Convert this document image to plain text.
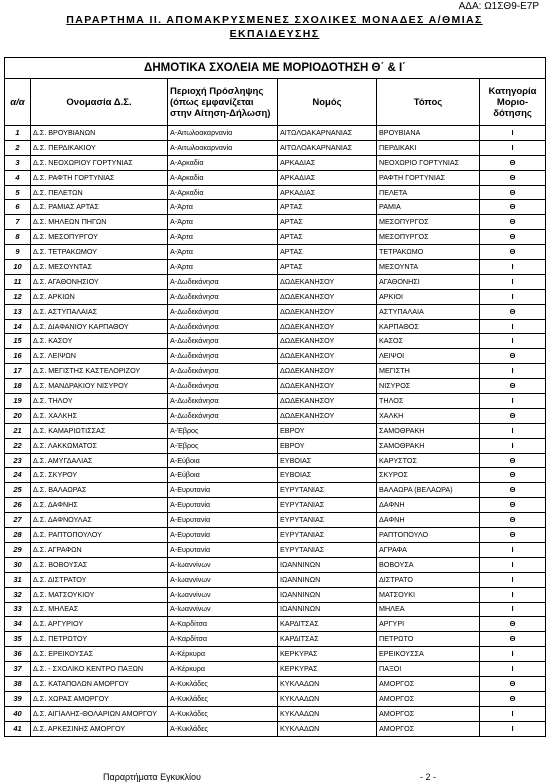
ΑΔΑ: Ω1ΣΘ9-Ε7Ρ
ΠΑΡΑΡΤΗΜΑ ΙΙ. ΑΠΟΜΑΚΡΥΣΜΕΝΕΣ ΣΧΟΛΙΚΕΣ ΜΟΝΑΔΕΣ Α/ΘΜΙΑΣ
ΕΚΠΑΙΔΕΥΣΗΣ
ΔΗΜΟΤΙΚΑ ΣΧΟΛΕΙΑ ΜΕ ΜΟΡΙΟΔΟΤΗΣΗ Θ΄ & Ι΄					
α/α	Ονομασία Δ.Σ.	Περιοχή Πρόσληψης (όπως εμφανίζεται στην Αίτηση-Δήλωση)	Νομός	Τόπος	Κατηγορία Μοριο-δότησης
1	Δ.Σ. ΒΡΟΥΒΙΑΝΩΝ	Α-Αιτωλοακαρνανία	ΑΙΤΩΛΟΑΚΑΡΝΑΝΙΑΣ	ΒΡΟΥΒΙΑΝΑ	Ι
2	Δ.Σ. ΠΕΡΔΙΚΑΚΙΟΥ	Α-Αιτωλοακαρνανία	ΑΙΤΩΛΟΑΚΑΡΝΑΝΙΑΣ	ΠΕΡΔΙΚΑΚΙ	Ι
3	Δ.Σ. ΝΕΟΧΩΡΙΟΥ ΓΟΡΤΥΝΙΑΣ	Α-Αρκαδία	ΑΡΚΑΔΙΑΣ	ΝΕΟΧΩΡΙΟ ΓΟΡΤΥΝΙΑΣ	Θ
4	Δ.Σ. ΡΑΦΤΗ ΓΟΡΤΥΝΙΑΣ	Α-Αρκαδία	ΑΡΚΑΔΙΑΣ	ΡΑΦΤΗ ΓΟΡΤΥΝΙΑΣ	Θ
5	Δ.Σ. ΠΕΛΕΤΩΝ	Α-Αρκαδία	ΑΡΚΑΔΙΑΣ	ΠΕΛΕΤΑ	Θ
6	Δ.Σ. ΡΑΜΙΑΣ ΑΡΤΑΣ	Α-Άρτα	ΑΡΤΑΣ	ΡΑΜΙΑ	Θ
7	Δ.Σ. ΜΗΛΕΩΝ ΠΗΓΩΝ	Α-Άρτα	ΑΡΤΑΣ	ΜΕΣΟΠΥΡΓΟΣ	Θ
8	Δ.Σ. ΜΕΣΟΠΥΡΓΟΥ	Α-Άρτα	ΑΡΤΑΣ	ΜΕΣΟΠΥΡΓΟΣ	Θ
9	Δ.Σ. ΤΕΤΡΑΚΩΜΟΥ	Α-Άρτα	ΑΡΤΑΣ	ΤΕΤΡΑΚΩΜΟ	Θ
10	Δ.Σ. ΜΕΣΟΥΝΤΑΣ	Α-Άρτα	ΑΡΤΑΣ	ΜΕΣΟΥΝΤΑ	Ι
11	Δ.Σ. ΑΓΑΘΟΝΗΣΙΟΥ	Α-Δωδεκάνησα	ΔΩΔΕΚΑΝΗΣΟΥ	ΑΓΑΘΟΝΗΣΙ	Ι
12	Δ.Σ. ΑΡΚΙΩΝ	Α-Δωδεκάνησα	ΔΩΔΕΚΑΝΗΣΟΥ	ΑΡΚΙΟΙ	Ι
13	Δ.Σ. ΑΣΤΥΠΑΛΑΙΑΣ	Α-Δωδεκάνησα	ΔΩΔΕΚΑΝΗΣΟΥ	ΑΣΤΥΠΑΛΑΙΑ	Θ
14	Δ.Σ. ΔΙΑΦΑΝΙΟΥ ΚΑΡΠΑΘΟΥ	Α-Δωδεκάνησα	ΔΩΔΕΚΑΝΗΣΟΥ	ΚΑΡΠΑΘΟΣ	Ι
15	Δ.Σ. ΚΑΣΟΥ	Α-Δωδεκάνησα	ΔΩΔΕΚΑΝΗΣΟΥ	ΚΑΣΟΣ	Ι
16	Δ.Σ. ΛΕΙΨΩΝ	Α-Δωδεκάνησα	ΔΩΔΕΚΑΝΗΣΟΥ	ΛΕΙΨΟΙ	Θ
17	Δ.Σ. ΜΕΓΙΣΤΗΣ ΚΑΣΤΕΛΟΡΙΖΟΥ	Α-Δωδεκάνησα	ΔΩΔΕΚΑΝΗΣΟΥ	ΜΕΓΙΣΤΗ	Ι
18	Δ.Σ. ΜΑΝΔΡΑΚΙΟΥ ΝΙΣΥΡΟΥ	Α-Δωδεκάνησα	ΔΩΔΕΚΑΝΗΣΟΥ	ΝΙΣΥΡΟΣ	Θ
19	Δ.Σ. ΤΗΛΟΥ	Α-Δωδεκάνησα	ΔΩΔΕΚΑΝΗΣΟΥ	ΤΗΛΟΣ	Ι
20	Δ.Σ. ΧΑΛΚΗΣ	Α-Δωδεκάνησα	ΔΩΔΕΚΑΝΗΣΟΥ	ΧΑΛΚΗ	Θ
21	Δ.Σ. ΚΑΜΑΡΙΩΤΙΣΣΑΣ	Α-Έβρος	ΕΒΡΟΥ	ΣΑΜΟΘΡΑΚΗ	Ι
22	Δ.Σ. ΛΑΚΚΩΜΑΤΟΣ	Α-Έβρος	ΕΒΡΟΥ	ΣΑΜΟΘΡΑΚΗ	Ι
23	Δ.Σ. ΑΜΥΓΔΑΛΙΑΣ	Α-Εύβοια	ΕΥΒΟΙΑΣ	ΚΑΡΥΣΤΟΣ	Θ
24	Δ.Σ. ΣΚΥΡΟΥ	Α-Εύβοια	ΕΥΒΟΙΑΣ	ΣΚΥΡΟΣ	Θ
25	Δ.Σ. ΒΑΛΑΩΡΑΣ	Α-Ευρυτανία	ΕΥΡΥΤΑΝΙΑΣ	ΒΑΛΑΩΡΑ (ΒΕΛΑΩΡΑ)	Θ
26	Δ.Σ. ΔΑΦΝΗΣ	Α-Ευρυτανία	ΕΥΡΥΤΑΝΙΑΣ	ΔΑΦΝΗ	Θ
27	Δ.Σ. ΔΑΦΝΟΥΛΑΣ	Α-Ευρυτανία	ΕΥΡΥΤΑΝΙΑΣ	ΔΑΦΝΗ	Θ
28	Δ.Σ. ΡΑΠΤΟΠΟΥΛΟΥ	Α-Ευρυτανία	ΕΥΡΥΤΑΝΙΑΣ	ΡΑΠΤΟΠΟΥΛΟ	Θ
29	Δ.Σ. ΑΓΡΑΦΩΝ	Α-Ευρυτανία	ΕΥΡΥΤΑΝΙΑΣ	ΑΓΡΑΦΑ	Ι
30	Δ.Σ. ΒΟΒΟΥΣΑΣ	Α-Ιωαννίνων	ΙΩΑΝΝΙΝΩΝ	ΒΟΒΟΥΣΑ	Ι
31	Δ.Σ. ΔΙΣΤΡΑΤΟΥ	Α-Ιωαννίνων	ΙΩΑΝΝΙΝΩΝ	ΔΙΣΤΡΑΤΟ	Ι
32	Δ.Σ. ΜΑΤΣΟΥΚΙΟΥ	Α-Ιωαννίνων	ΙΩΑΝΝΙΝΩΝ	ΜΑΤΣΟΥΚΙ	Ι
33	Δ.Σ. ΜΗΛΕΑΣ	Α-Ιωαννίνων	ΙΩΑΝΝΙΝΩΝ	ΜΗΛΕΑ	Ι
34	Δ.Σ. ΑΡΓΥΡΙΟΥ	Α-Καρδίτσα	ΚΑΡΔΙΤΣΑΣ	ΑΡΓΥΡΙ	Θ
35	Δ.Σ. ΠΕΤΡΩΤΟΥ	Α-Καρδίτσα	ΚΑΡΔΙΤΣΑΣ	ΠΕΤΡΩΤΟ	Θ
36	Δ.Σ. ΕΡΕΙΚΟΥΣΑΣ	Α-Κέρκυρα	ΚΕΡΚΥΡΑΣ	ΕΡΕΙΚΟΥΣΣΑ	Ι
37	Δ.Σ. - ΣΧΟΛΙΚΟ ΚΕΝΤΡΟ ΠΑΞΩΝ	Α-Κέρκυρα	ΚΕΡΚΥΡΑΣ	ΠΑΞΟΙ	Ι
38	Δ.Σ. ΚΑΤΑΠΟΛΩΝ ΑΜΟΡΓΟΥ	Α-Κυκλάδες	ΚΥΚΛΑΔΩΝ	ΑΜΟΡΓΟΣ	Θ
39	Δ.Σ. ΧΩΡΑΣ ΑΜΟΡΓΟΥ	Α-Κυκλάδες	ΚΥΚΛΑΔΩΝ	ΑΜΟΡΓΟΣ	Θ
40	Δ.Σ. ΑΙΓΙΑΛΗΣ-ΘΟΛΑΡΙΩΝ ΑΜΟΡΓΟΥ	Α-Κυκλάδες	ΚΥΚΛΑΔΩΝ	ΑΜΟΡΓΟΣ	Ι
41	Δ.Σ. ΑΡΚΕΣΙΝΗΣ ΑΜΟΡΓΟΥ	Α-Κυκλάδες	ΚΥΚΛΑΔΩΝ	ΑΜΟΡΓΟΣ	Ι
Παραρτήματα Εγκυκλίου	- 2 -
